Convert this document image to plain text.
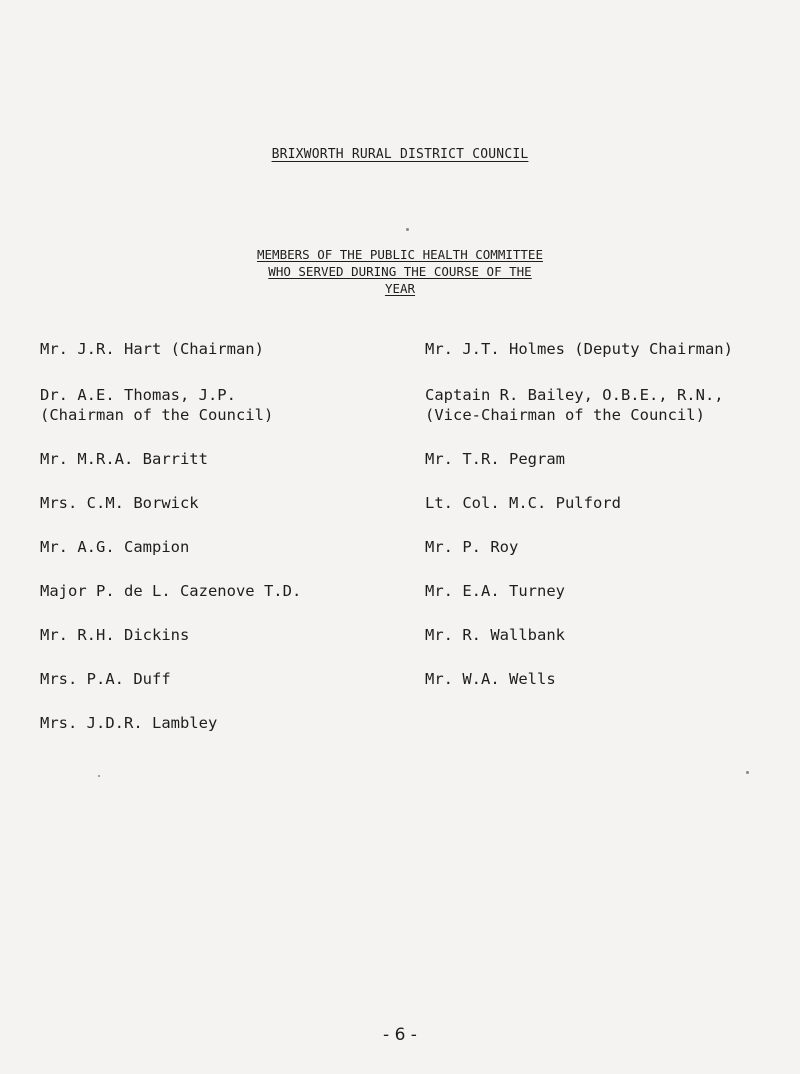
BRIXWORTH RURAL DISTRICT COUNCIL
MEMBERS OF THE PUBLIC HEALTH COMMITTEE
WHO SERVED DURING THE COURSE OF THE
YEAR
Mr. J.R. Hart (Chairman)
Dr. A.E. Thomas, J.P.
(Chairman of the Council)
Mr. M.R.A. Barritt
Mrs. C.M. Borwick
Mr. A.G. Campion
Major P. de L. Cazenove T.D.
Mr. R.H. Dickins
Mrs. P.A. Duff
Mrs. J.D.R. Lambley
Mr. J.T. Holmes (Deputy Chairman)
Captain R. Bailey, O.B.E., R.N.,
(Vice-Chairman of the Council)
Mr. T.R. Pegram
Lt. Col. M.C. Pulford
Mr. P. Roy
Mr. E.A. Turney
Mr. R. Wallbank
Mr. W.A. Wells
- 6 -
